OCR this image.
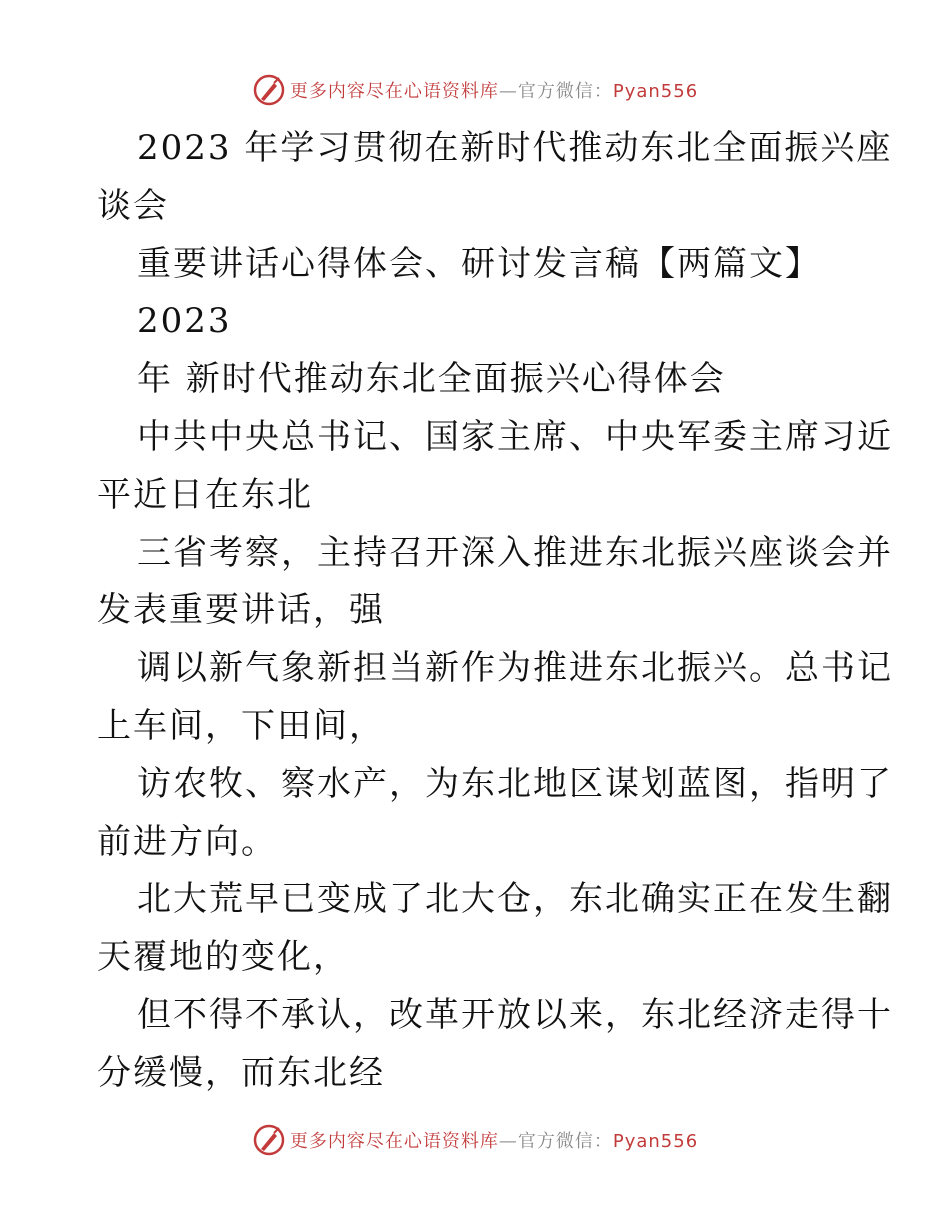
更多内容尽在心语资料库—官方微信：Pyan556
2023 年学习贯彻在新时代推动东北全面振兴座
谈会
重要讲话心得体会、研讨发言稿【两篇文】
2023
年 新时代推动东北全面振兴心得体会
中共中央总书记、国家主席、中央军委主席习近
平近日在东北
三省考察，主持召开深入推进东北振兴座谈会并
发表重要讲话，强
调以新气象新担当新作为推进东北振兴。总书记
上车间，下田间，
访农牧、察水产，为东北地区谋划蓝图，指明了
前进方向。
北大荒早已变成了北大仓，东北确实正在发生翻
天覆地的变化，
但不得不承认，改革开放以来，东北经济走得十
分缓慢，而东北经
更多内容尽在心语资料库—官方微信：Pyan556
